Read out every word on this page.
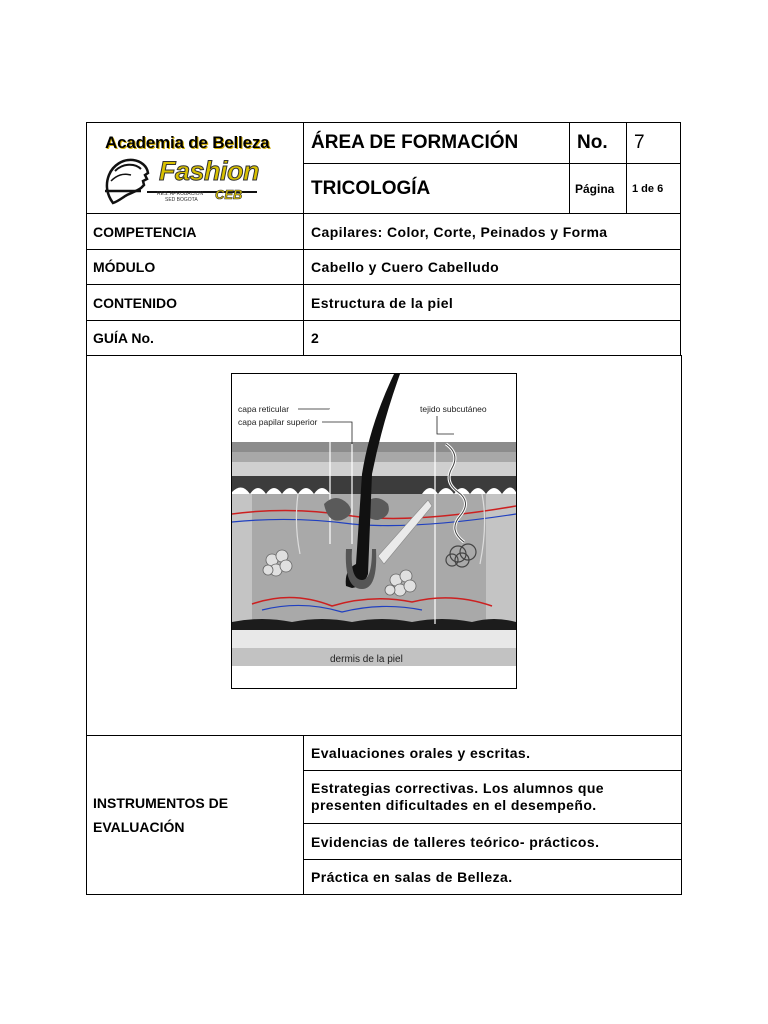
Academia de Belleza
Fashion
CEB
RES. APROBACION
SED BOGOTA
ÁREA DE FORMACIÓN	No.	7
TRICOLOGÍA	Página	1 de 6
COMPETENCIA	Capilares: Color, Corte, Peinados y Forma
MÓDULO	Cabello y Cuero Cabelludo
CONTENIDO	Estructura de la piel
GUÍA No.	2
capa reticular
capa papilar superior
tejido subcutáneo
dermis de la piel
INSTRUMENTOS DE
EVALUACIÓN
Evaluaciones orales y escritas.
Estrategias correctivas. Los alumnos que
presenten dificultades en el desempeño.
Evidencias de talleres teórico- prácticos.
Práctica en salas de Belleza.
